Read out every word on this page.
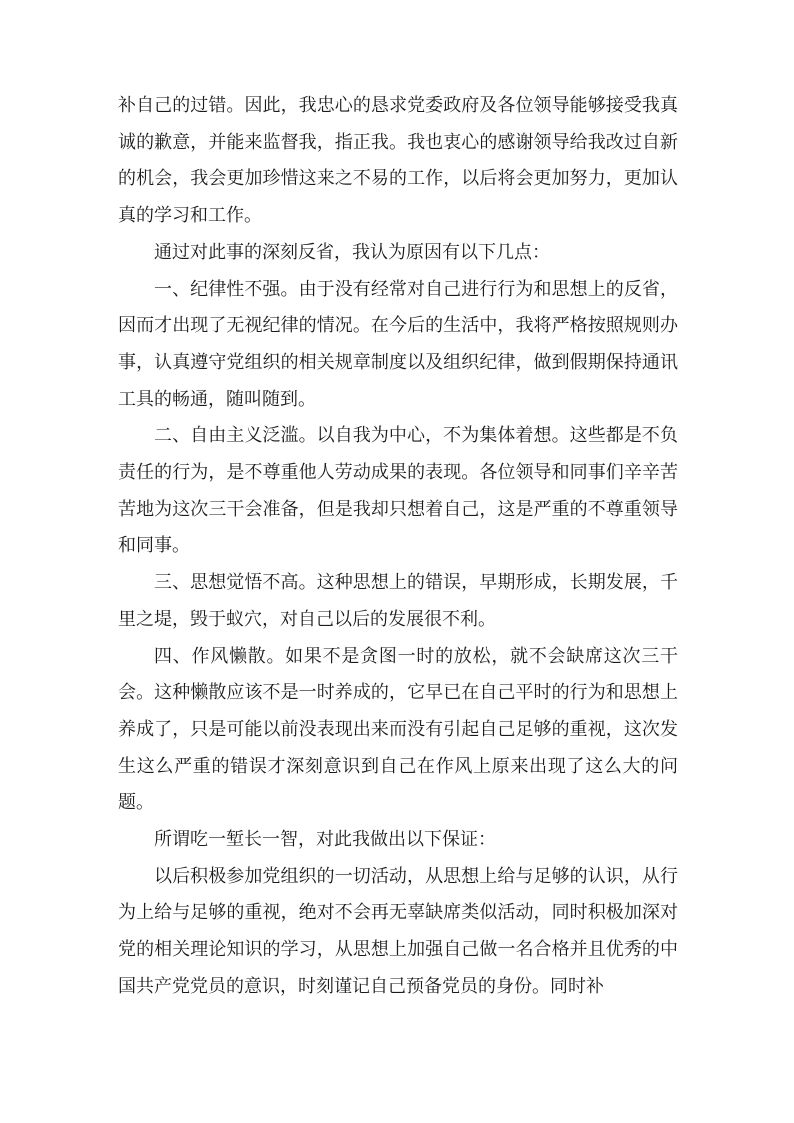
补自己的过错。因此，我忠心的恳求党委政府及各位领导能够接受我真诚的歉意，并能来监督我，指正我。我也衷心的感谢领导给我改过自新的机会，我会更加珍惜这来之不易的工作，以后将会更加努力，更加认真的学习和工作。

通过对此事的深刻反省，我认为原因有以下几点：

一、纪律性不强。由于没有经常对自己进行行为和思想上的反省，因而才出现了无视纪律的情况。在今后的生活中，我将严格按照规则办事，认真遵守党组织的相关规章制度以及组织纪律，做到假期保持通讯工具的畅通，随叫随到。

二、自由主义泛滥。以自我为中心，不为集体着想。这些都是不负责任的行为，是不尊重他人劳动成果的表现。各位领导和同事们辛辛苦苦地为这次三干会准备，但是我却只想着自己，这是严重的不尊重领导和同事。

三、思想觉悟不高。这种思想上的错误，早期形成，长期发展，千里之堤，毁于蚁穴，对自己以后的发展很不利。

四、作风懒散。如果不是贪图一时的放松，就不会缺席这次三干会。这种懒散应该不是一时养成的，它早已在自己平时的行为和思想上养成了，只是可能以前没表现出来而没有引起自己足够的重视，这次发生这么严重的错误才深刻意识到自己在作风上原来出现了这么大的问题。

所谓吃一堑长一智，对此我做出以下保证：

以后积极参加党组织的一切活动，从思想上给与足够的认识，从行为上给与足够的重视，绝对不会再无辜缺席类似活动，同时积极加深对党的相关理论知识的学习，从思想上加强自己做一名合格并且优秀的中国共产党党员的意识，时刻谨记自己预备党员的身份。同时补
